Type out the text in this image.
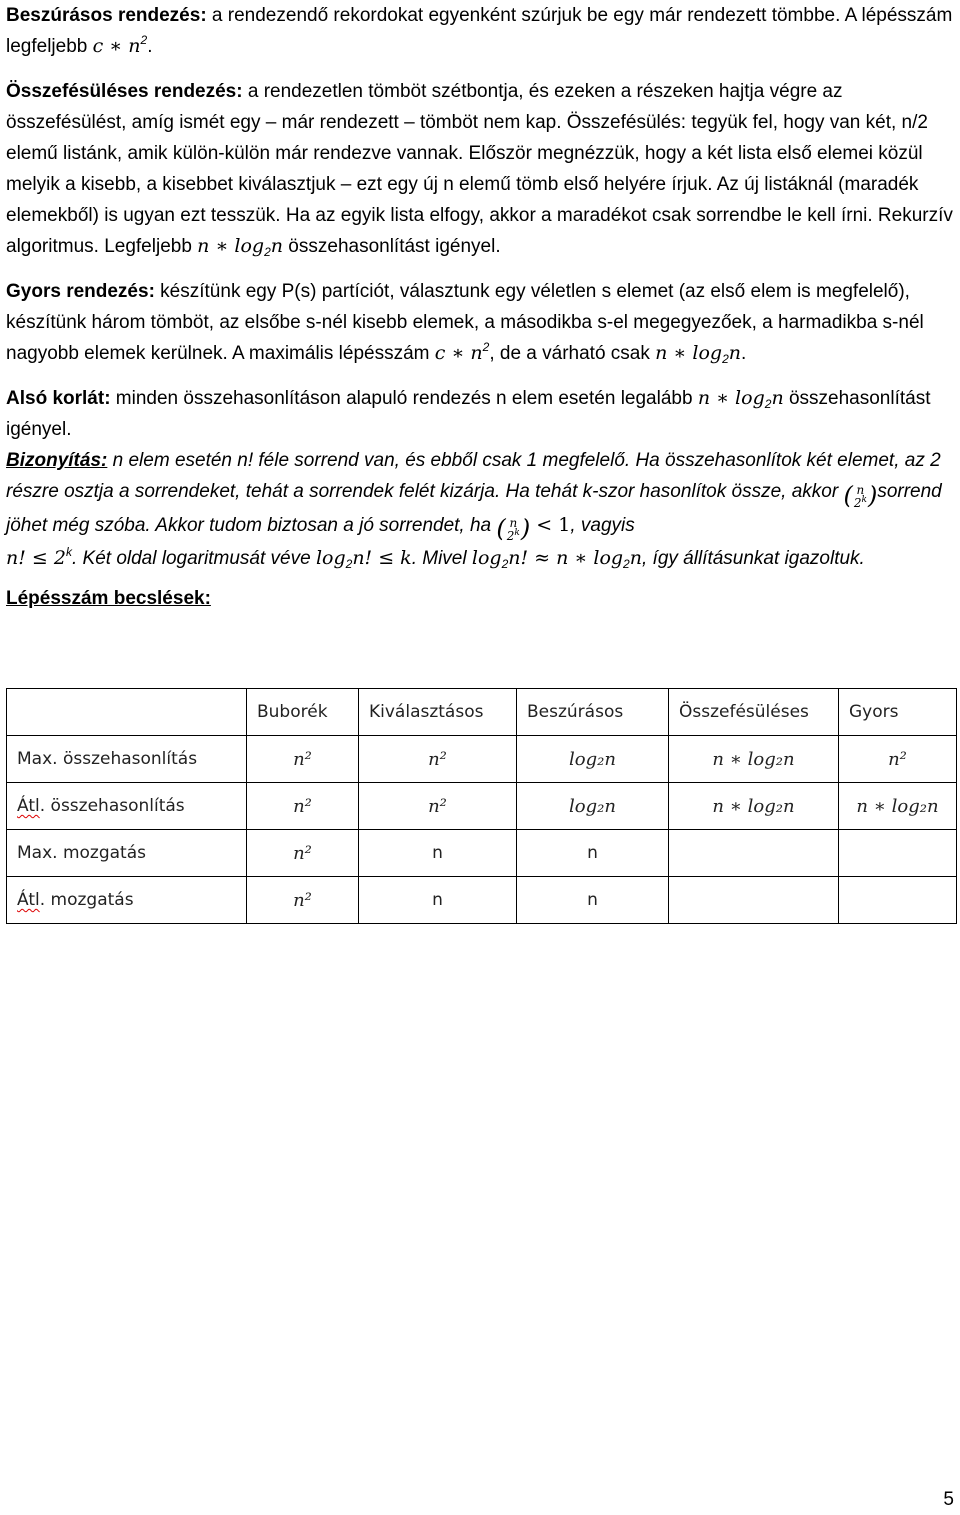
Beszúrásos rendezés: a rendezendő rekordokat egyenként szúrjuk be egy már rendezett tömbbe. A lépésszám legfeljebb c ∗ $n^2$.

Összefésüléses rendezés: a rendezetlen tömböt szétbontja, és ezeken a részeken hajtja végre az összefésülést, amíg ismét egy – már rendezett – tömböt nem kap. Összefésülés: tegyük fel, hogy van két, n/2 elemű listánk, amik külön-külön már rendezve vannak. Először megnézzük, hogy a két lista első elemei közül melyik a kisebb, a kisebbet kiválasztjuk – ezt egy új n elemű tömb első helyére írjuk. Az új listáknál (maradék elemekből) is ugyan ezt tesszük. Ha az egyik lista elfogy, akkor a maradékot csak sorrendbe le kell írni. Rekurzív algoritmus. Legfeljebb n ∗ $\log_2n$ összehasonlítást igényel.

Gyors rendezés: készítünk egy P(s) partíciót, választunk egy véletlen s elemet (az első elem is megfelelő), készítünk három tömböt, az elsőbe s-nél kisebb elemek, a másodikba s-el megegyezőek, a harmadikba s-nél nagyobb elemek kerülnek. A maximális lépésszám c ∗ $n^2$, de a várható csak n ∗ $\log_2n$.

Alsó korlát: minden összehasonlításon alapuló rendezés n elem esetén legalább n ∗ $\log_2n$ összehasonlítást igényel.

Bizonyítás: n elem esetén n! féle sorrend van, és ebből csak 1 megfelelő. Ha összehasonlítok két elemet, az 2 részre osztja a sorrendeket, tehát a sorrendek felét kizárja. Ha tehát k-szor hasonlítok össze, akkor ( n
2$^k$)sorrend jöhet még szóba. Akkor tudom biztosan a jó sorrendet, ha ( n
$2^k) < 1$, vagyis
n! ≤ $2^k$. Két oldal logaritmusát véve $\log_2n$! ≤ k. Mivel $\log_2n$! ≈ n ∗ $\log_2n$, így állításunkat igazoltuk.

Lépésszám becslések:
	Buborék	Kiválasztásos	Beszúrásos	Összefésüléses	Gyors
Max. összehasonlítás	n²	n²	log₂n	n ∗ log₂n	n²
Átl. összehasonlítás	n²	n²	log₂n	n ∗ log₂n	n ∗ log₂n
Max. mozgatás	n²	n	n		
Átl. mozgatás	n²	n	n		
5
